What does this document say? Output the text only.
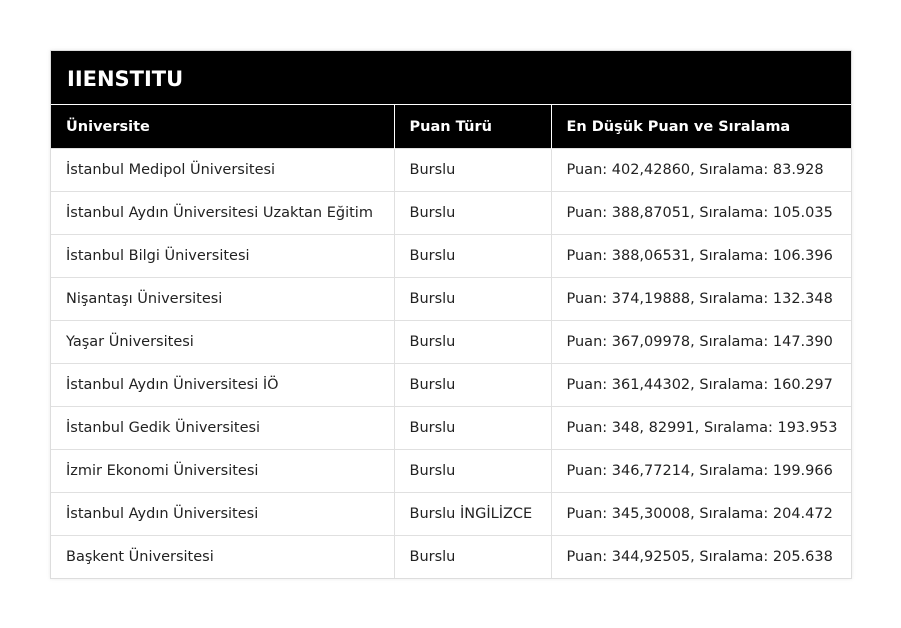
IIENSTITU
Üniversite	Puan Türü	En Düşük Puan ve Sıralama
İstanbul Medipol Üniversitesi	Burslu	Puan: 402,42860, Sıralama: 83.928
İstanbul Aydın Üniversitesi Uzaktan Eğitim	Burslu	Puan: 388,87051, Sıralama: 105.035
İstanbul Bilgi Üniversitesi	Burslu	Puan: 388,06531, Sıralama: 106.396
Nişantaşı Üniversitesi	Burslu	Puan: 374,19888, Sıralama: 132.348
Yaşar Üniversitesi	Burslu	Puan: 367,09978, Sıralama: 147.390
İstanbul Aydın Üniversitesi İÖ	Burslu	Puan: 361,44302, Sıralama: 160.297
İstanbul Gedik Üniversitesi	Burslu	Puan: 348, 82991, Sıralama: 193.953
İzmir Ekonomi Üniversitesi	Burslu	Puan: 346,77214, Sıralama: 199.966
İstanbul Aydın Üniversitesi	Burslu İNGİLİZCE	Puan: 345,30008, Sıralama: 204.472
Başkent Üniversitesi	Burslu	Puan: 344,92505, Sıralama: 205.638
